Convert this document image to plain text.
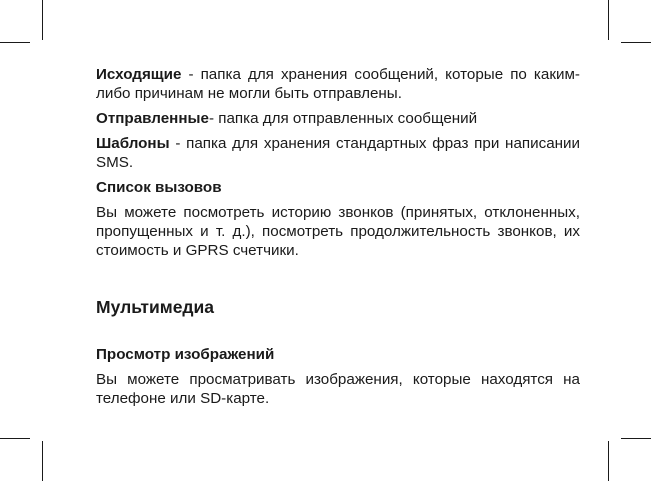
Исходящие - папка для хранения сообщений, которые по каким-либо причинам не могли быть отправлены.

Отправленные- папка для отправленных сообщений

Шаблоны - папка для хранения стандартных фраз при написании SMS.

Список вызовов

Вы можете посмотреть историю звонков (принятых, отклоненных, пропущенных и т. д.), посмотреть продолжительность звонков, их стоимость и GPRS счетчики.

Мультимедиа
Просмотр изображений

Вы можете просматривать изображения, которые находятся на телефоне или SD-карте.
